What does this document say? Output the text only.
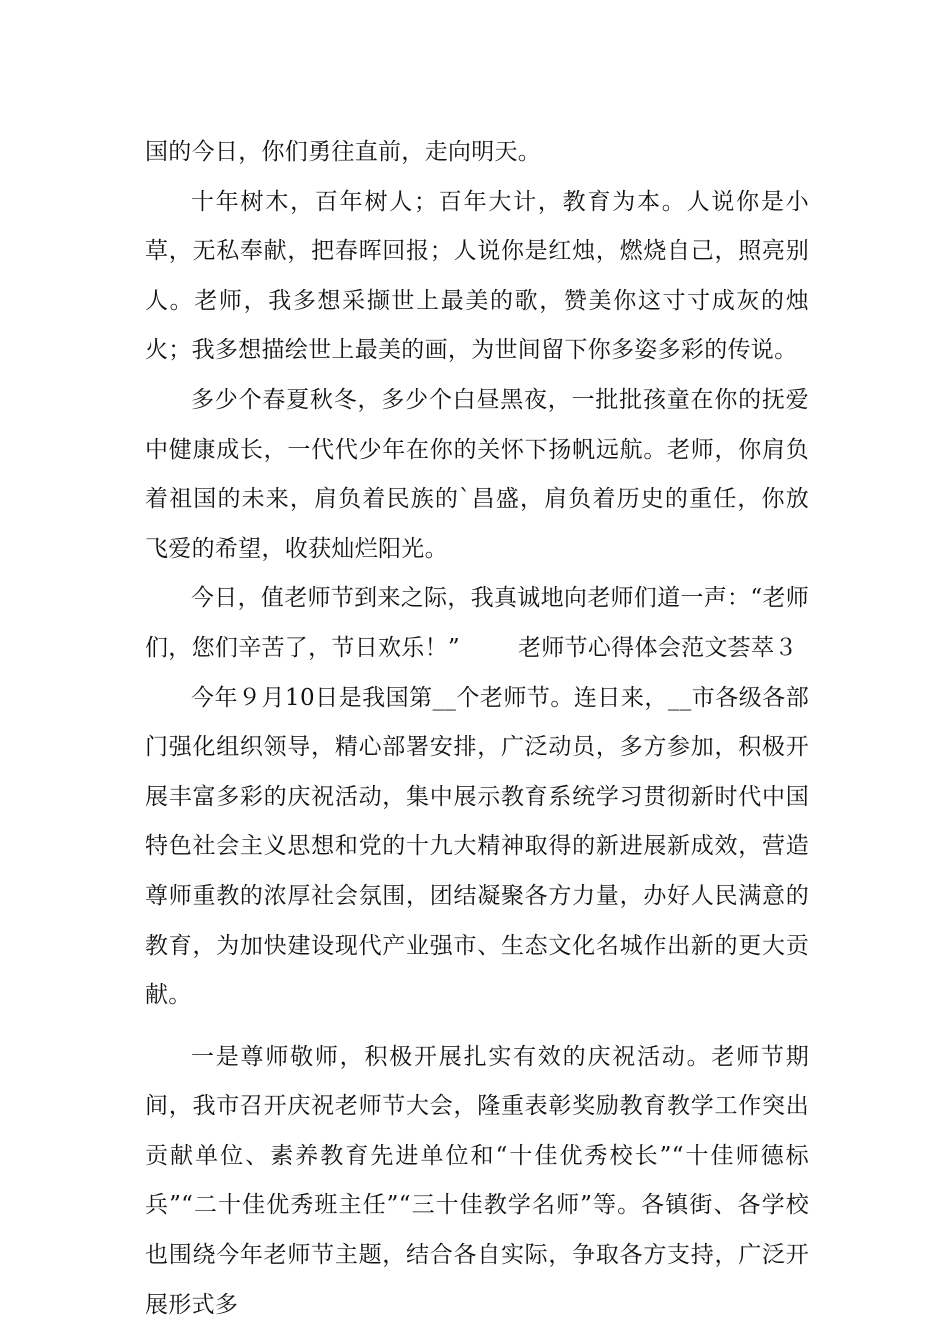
国的今日，你们勇往直前，走向明天。

十年树木，百年树人；百年大计，教育为本。人说你是小草，无私奉献，把春晖回报；人说你是红烛，燃烧自己，照亮别人。老师，我多想采撷世上最美的歌，赞美你这寸寸成灰的烛火；我多想描绘世上最美的画，为世间留下你多姿多彩的传说。

多少个春夏秋冬，多少个白昼黑夜，一批批孩童在你的抚爱中健康成长，一代代少年在你的关怀下扬帆远航。老师，你肩负着祖国的未来，肩负着民族的`昌盛，肩负着历史的重任，你放飞爱的希望，收获灿烂阳光。

今日，值老师节到来之际，我真诚地向老师们道一声：“老师们，您们辛苦了，节日欢乐！”	老师节心得体会范文荟萃３

今年９月10日是我国第__个老师节。连日来，__市各级各部门强化组织领导，精心部署安排，广泛动员，多方参加，积极开展丰富多彩的庆祝活动，集中展示教育系统学习贯彻新时代中国特色社会主义思想和党的十九大精神取得的新进展新成效，营造尊师重教的浓厚社会氛围，团结凝聚各方力量，办好人民满意的教育，为加快建设现代产业强市、生态文化名城作出新的更大贡献。

一是尊师敬师，积极开展扎实有效的庆祝活动。老师节期间，我市召开庆祝老师节大会，隆重表彰奖励教育教学工作突出贡献单位、素养教育先进单位和“十佳优秀校长”“十佳师德标兵”“二十佳优秀班主任”“三十佳教学名师”等。各镇街、各学校也围绕今年老师节主题，结合各自实际，争取各方支持，广泛开展形式多
